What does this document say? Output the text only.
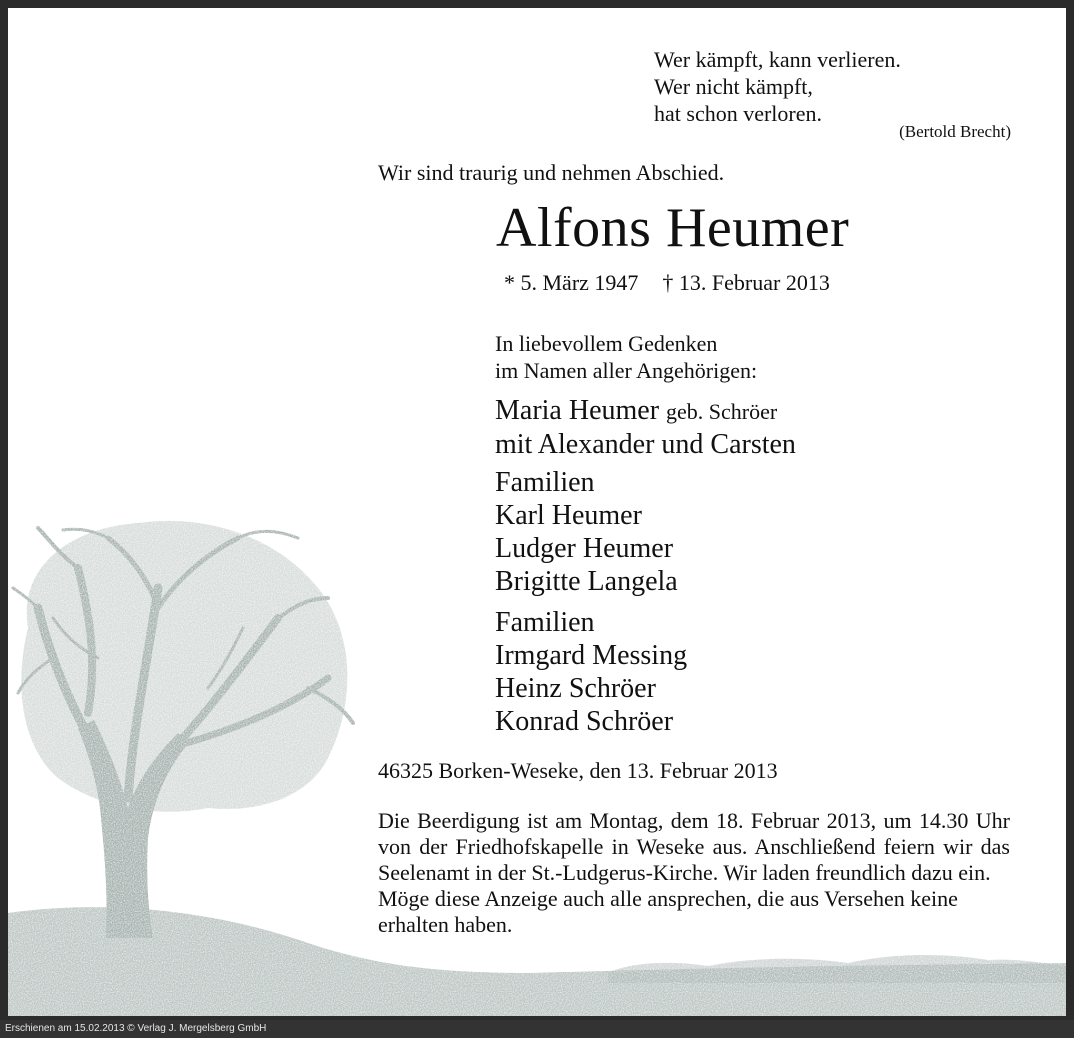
Wer kämpft, kann verlieren.
Wer nicht kämpft,
hat schon verloren.
(Bertold Brecht)
Wir sind traurig und nehmen Abschied.
Alfons Heumer
* 5. März 1947 † 13. Februar 2013
In liebevollem Gedenken
im Namen aller Angehörigen:
Maria Heumer geb. Schröer
mit Alexander und Carsten
Familien
Karl Heumer
Ludger Heumer
Brigitte Langela
Familien
Irmgard Messing
Heinz Schröer
Konrad Schröer
46325 Borken-Weseke, den 13. Februar 2013

Die Beerdigung ist am Montag, dem 18. Februar 2013, um 14.30 Uhr von der Friedhofskapelle in Weseke aus. Anschließend feiern wir das Seelenamt in der St.-Ludgerus-Kirche. Wir laden freundlich dazu ein.

Möge diese Anzeige auch alle ansprechen, die aus Versehen keine erhalten haben.

Erschienen am 15.02.2013 © Verlag J. Mergelsberg GmbH
